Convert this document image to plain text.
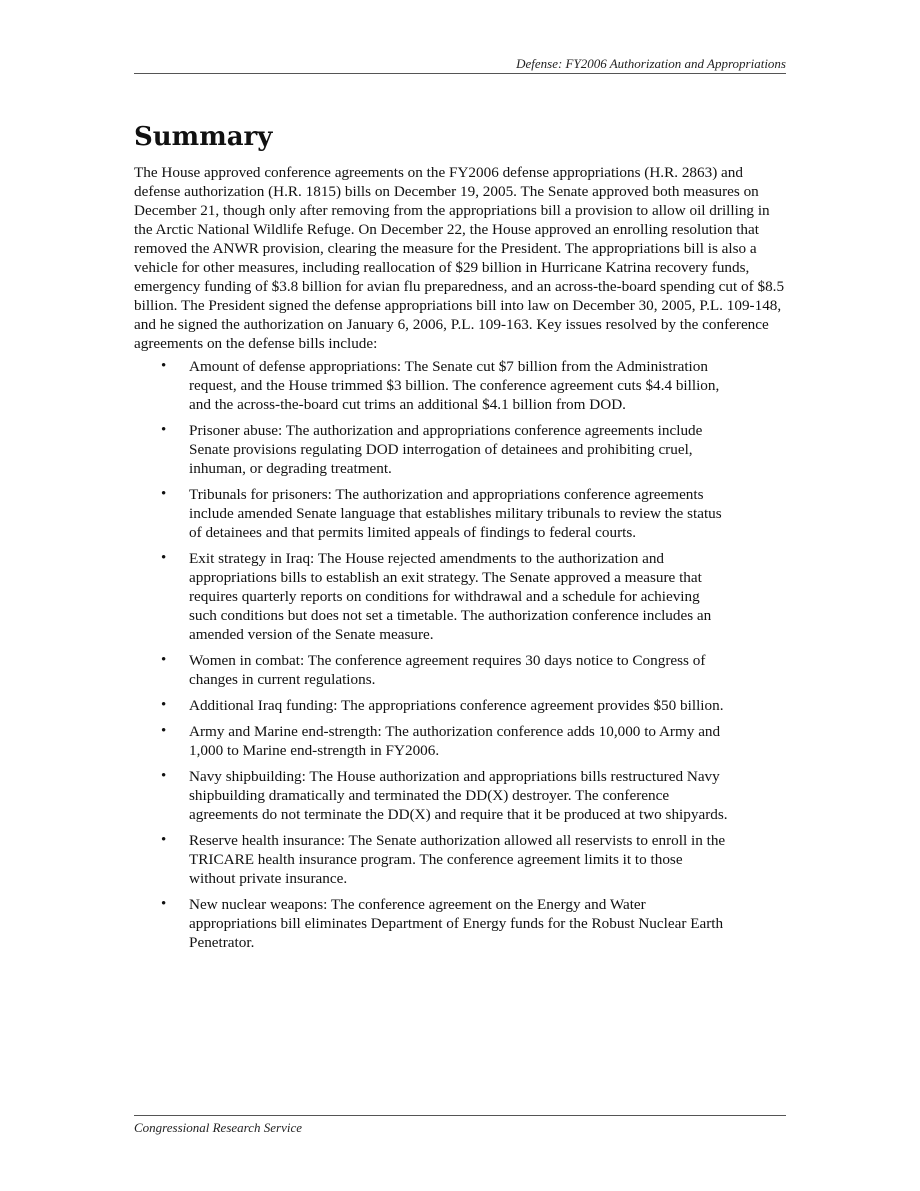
Defense: FY2006 Authorization and Appropriations
Summary

The House approved conference agreements on the FY2006 defense appropriations (H.R. 2863) and defense authorization (H.R. 1815) bills on December 19, 2005. The Senate approved both measures on December 21, though only after removing from the appropriations bill a provision to allow oil drilling in the Arctic National Wildlife Refuge. On December 22, the House approved an enrolling resolution that removed the ANWR provision, clearing the measure for the President. The appropriations bill is also a vehicle for other measures, including reallocation of $29 billion in Hurricane Katrina recovery funds, emergency funding of $3.8 billion for avian flu preparedness, and an across-the-board spending cut of $8.5 billion. The President signed the defense appropriations bill into law on December 30, 2005, P.L. 109-148, and he signed the authorization on January 6, 2006, P.L. 109-163. Key issues resolved by the conference agreements on the defense bills include:

• Amount of defense appropriations: The Senate cut $7 billion from the Administration request, and the House trimmed $3 billion. The conference agreement cuts $4.4 billion, and the across-the-board cut trims an additional $4.1 billion from DOD.
• Prisoner abuse: The authorization and appropriations conference agreements include Senate provisions regulating DOD interrogation of detainees and prohibiting cruel, inhuman, or degrading treatment.
• Tribunals for prisoners: The authorization and appropriations conference agreements include amended Senate language that establishes military tribunals to review the status of detainees and that permits limited appeals of findings to federal courts.
• Exit strategy in Iraq: The House rejected amendments to the authorization and appropriations bills to establish an exit strategy. The Senate approved a measure that requires quarterly reports on conditions for withdrawal and a schedule for achieving such conditions but does not set a timetable. The authorization conference includes an amended version of the Senate measure.
• Women in combat: The conference agreement requires 30 days notice to Congress of changes in current regulations.
• Additional Iraq funding: The appropriations conference agreement provides $50 billion.
• Army and Marine end-strength: The authorization conference adds 10,000 to Army and 1,000 to Marine end-strength in FY2006.
• Navy shipbuilding: The House authorization and appropriations bills restructured Navy shipbuilding dramatically and terminated the DD(X) destroyer. The conference agreements do not terminate the DD(X) and require that it be produced at two shipyards.
• Reserve health insurance: The Senate authorization allowed all reservists to enroll in the TRICARE health insurance program. The conference agreement limits it to those without private insurance.
• New nuclear weapons: The conference agreement on the Energy and Water appropriations bill eliminates Department of Energy funds for the Robust Nuclear Earth Penetrator.
Congressional Research Service
